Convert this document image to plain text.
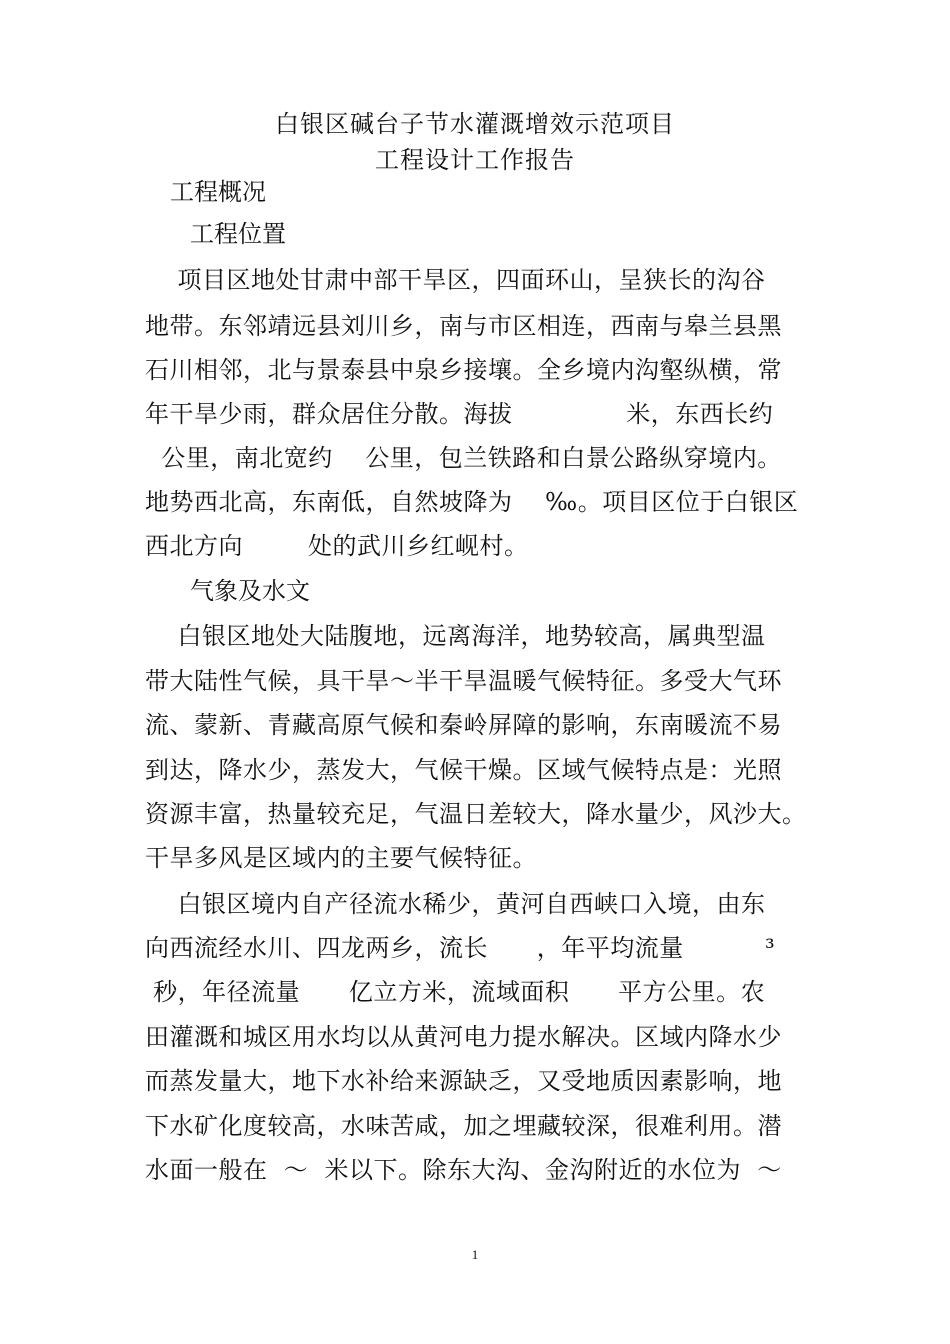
白银区碱台子节水灌溉增效示范项目
工程设计工作报告
工程概况
工程位置
项目区地处甘肃中部干旱区，四面环山，呈狭长的沟谷
地带。东邻靖远县刘川乡，南与市区相连，西南与皋兰县黑
石川相邻，北与景泰县中泉乡接壤。全乡境内沟壑纵横，常
年干旱少雨，群众居住分散。海拔              米，东西长约
公里，南北宽约    公里，包兰铁路和白景公路纵穿境内。
地势西北高，东南低，自然坡降为    ‰。项目区位于白银区
西北方向        处的武川乡红岘村。
气象及水文
白银区地处大陆腹地，远离海洋，地势较高，属典型温
带大陆性气候，具干旱～半干旱温暖气候特征。多受大气环
流、蒙新、青藏高原气候和秦岭屏障的影响，东南暖流不易
到达，降水少，蒸发大，气候干燥。区域气候特点是：光照
资源丰富，热量较充足，气温日差较大，降水量少，风沙大。
干旱多风是区域内的主要气候特征。
白银区境内自产径流水稀少，黄河自西峡口入境，由东
向西流经水川、四龙两乡，流长      ，年平均流量          ³
秒，年径流量      亿立方米，流域面积      平方公里。农
田灌溉和城区用水均以从黄河电力提水解决。区域内降水少
而蒸发量大，地下水补给来源缺乏，又受地质因素影响，地
下水矿化度较高，水味苦咸，加之埋藏较深，很难利用。潜
水面一般在  ～  米以下。除东大沟、金沟附近的水位为  ～
1
